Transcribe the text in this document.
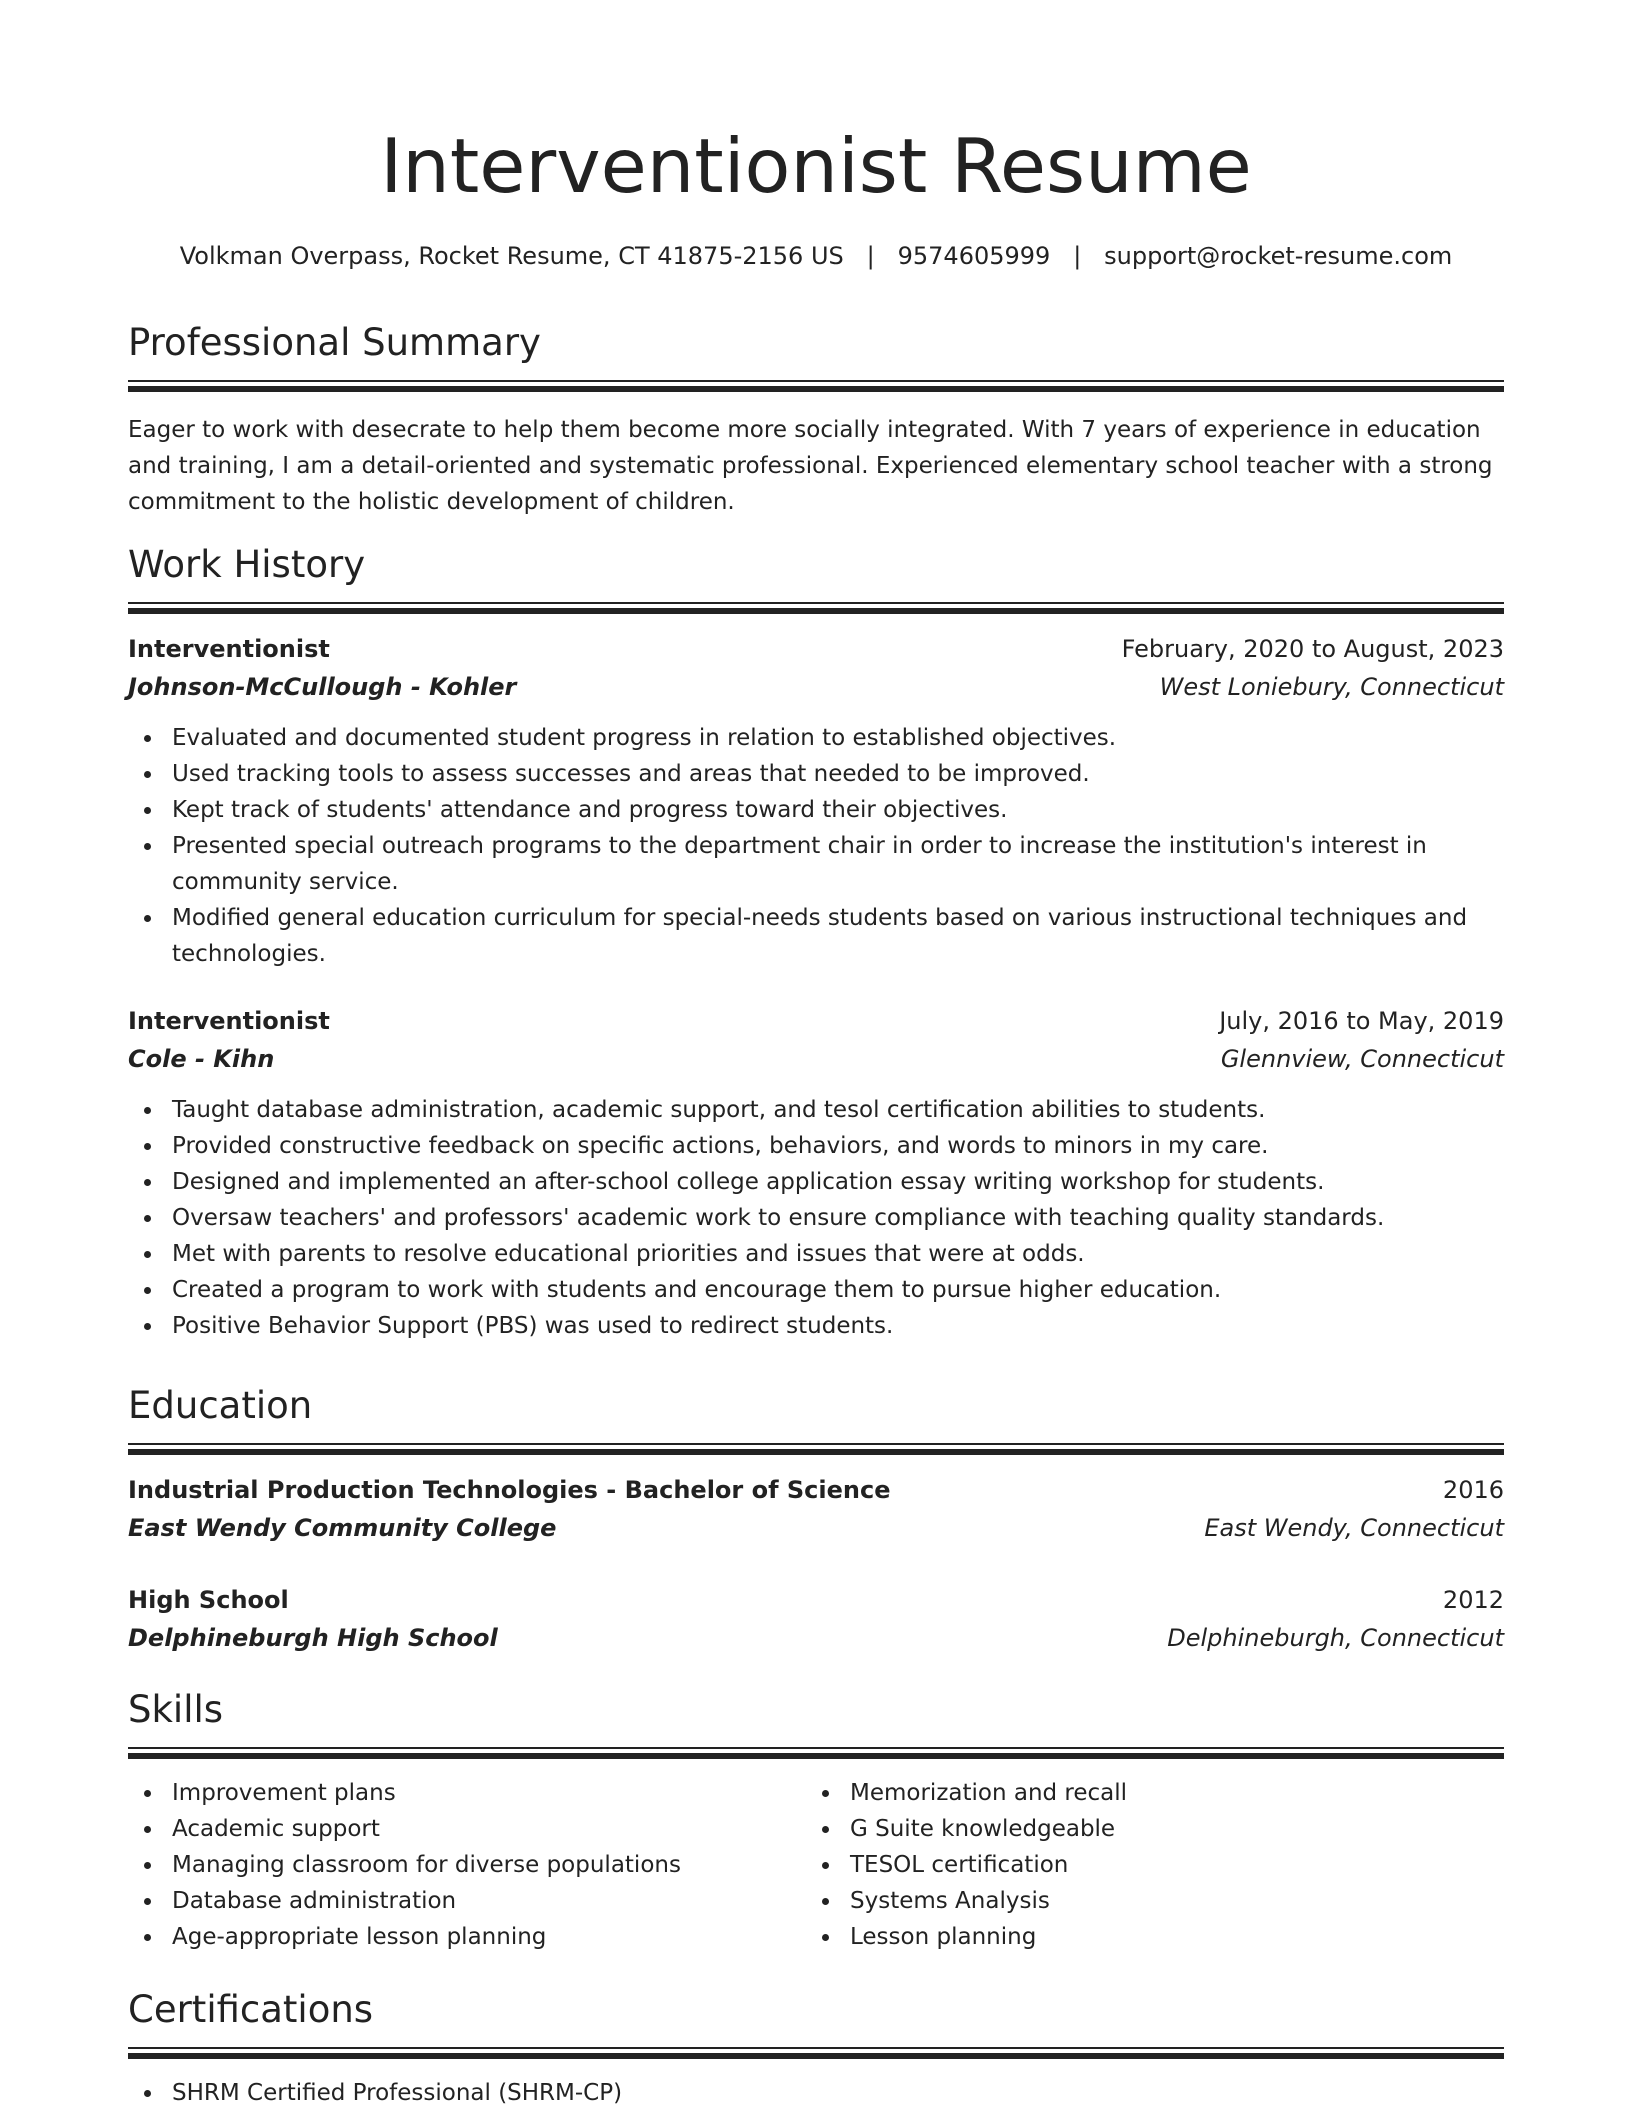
Interventionist Resume
Volkman Overpass, Rocket Resume, CT 41875-2156 US   |   9574605999   |   support@rocket-resume.com
Professional Summary

Eager to work with desecrate to help them become more socially integrated. With 7 years of experience in education and training, I am a detail-oriented and systematic professional. Experienced elementary school teacher with a strong commitment to the holistic development of children.

Work History
Interventionist	February, 2020 to August, 2023
Johnson-McCullough - Kohler	West Loniebury, Connecticut
Evaluated and documented student progress in relation to established objectives.
Used tracking tools to assess successes and areas that needed to be improved.
Kept track of students' attendance and progress toward their objectives.
Presented special outreach programs to the department chair in order to increase the institution's interest in community service.
Modified general education curriculum for special-needs students based on various instructional techniques and technologies.
Interventionist	July, 2016 to May, 2019
Cole - Kihn	Glennview, Connecticut
Taught database administration, academic support, and tesol certification abilities to students.
Provided constructive feedback on specific actions, behaviors, and words to minors in my care.
Designed and implemented an after-school college application essay writing workshop for students.
Oversaw teachers' and professors' academic work to ensure compliance with teaching quality standards.
Met with parents to resolve educational priorities and issues that were at odds.
Created a program to work with students and encourage them to pursue higher education.
Positive Behavior Support (PBS) was used to redirect students.
Education
Industrial Production Technologies - Bachelor of Science	2016
East Wendy Community College	East Wendy, Connecticut
High School	2012
Delphineburgh High School	Delphineburgh, Connecticut
Skills
Improvement plans
Academic support
Managing classroom for diverse populations
Database administration
Age-appropriate lesson planning
Memorization and recall
G Suite knowledgeable
TESOL certification
Systems Analysis
Lesson planning
Certifications
SHRM Certified Professional (SHRM-CP)
